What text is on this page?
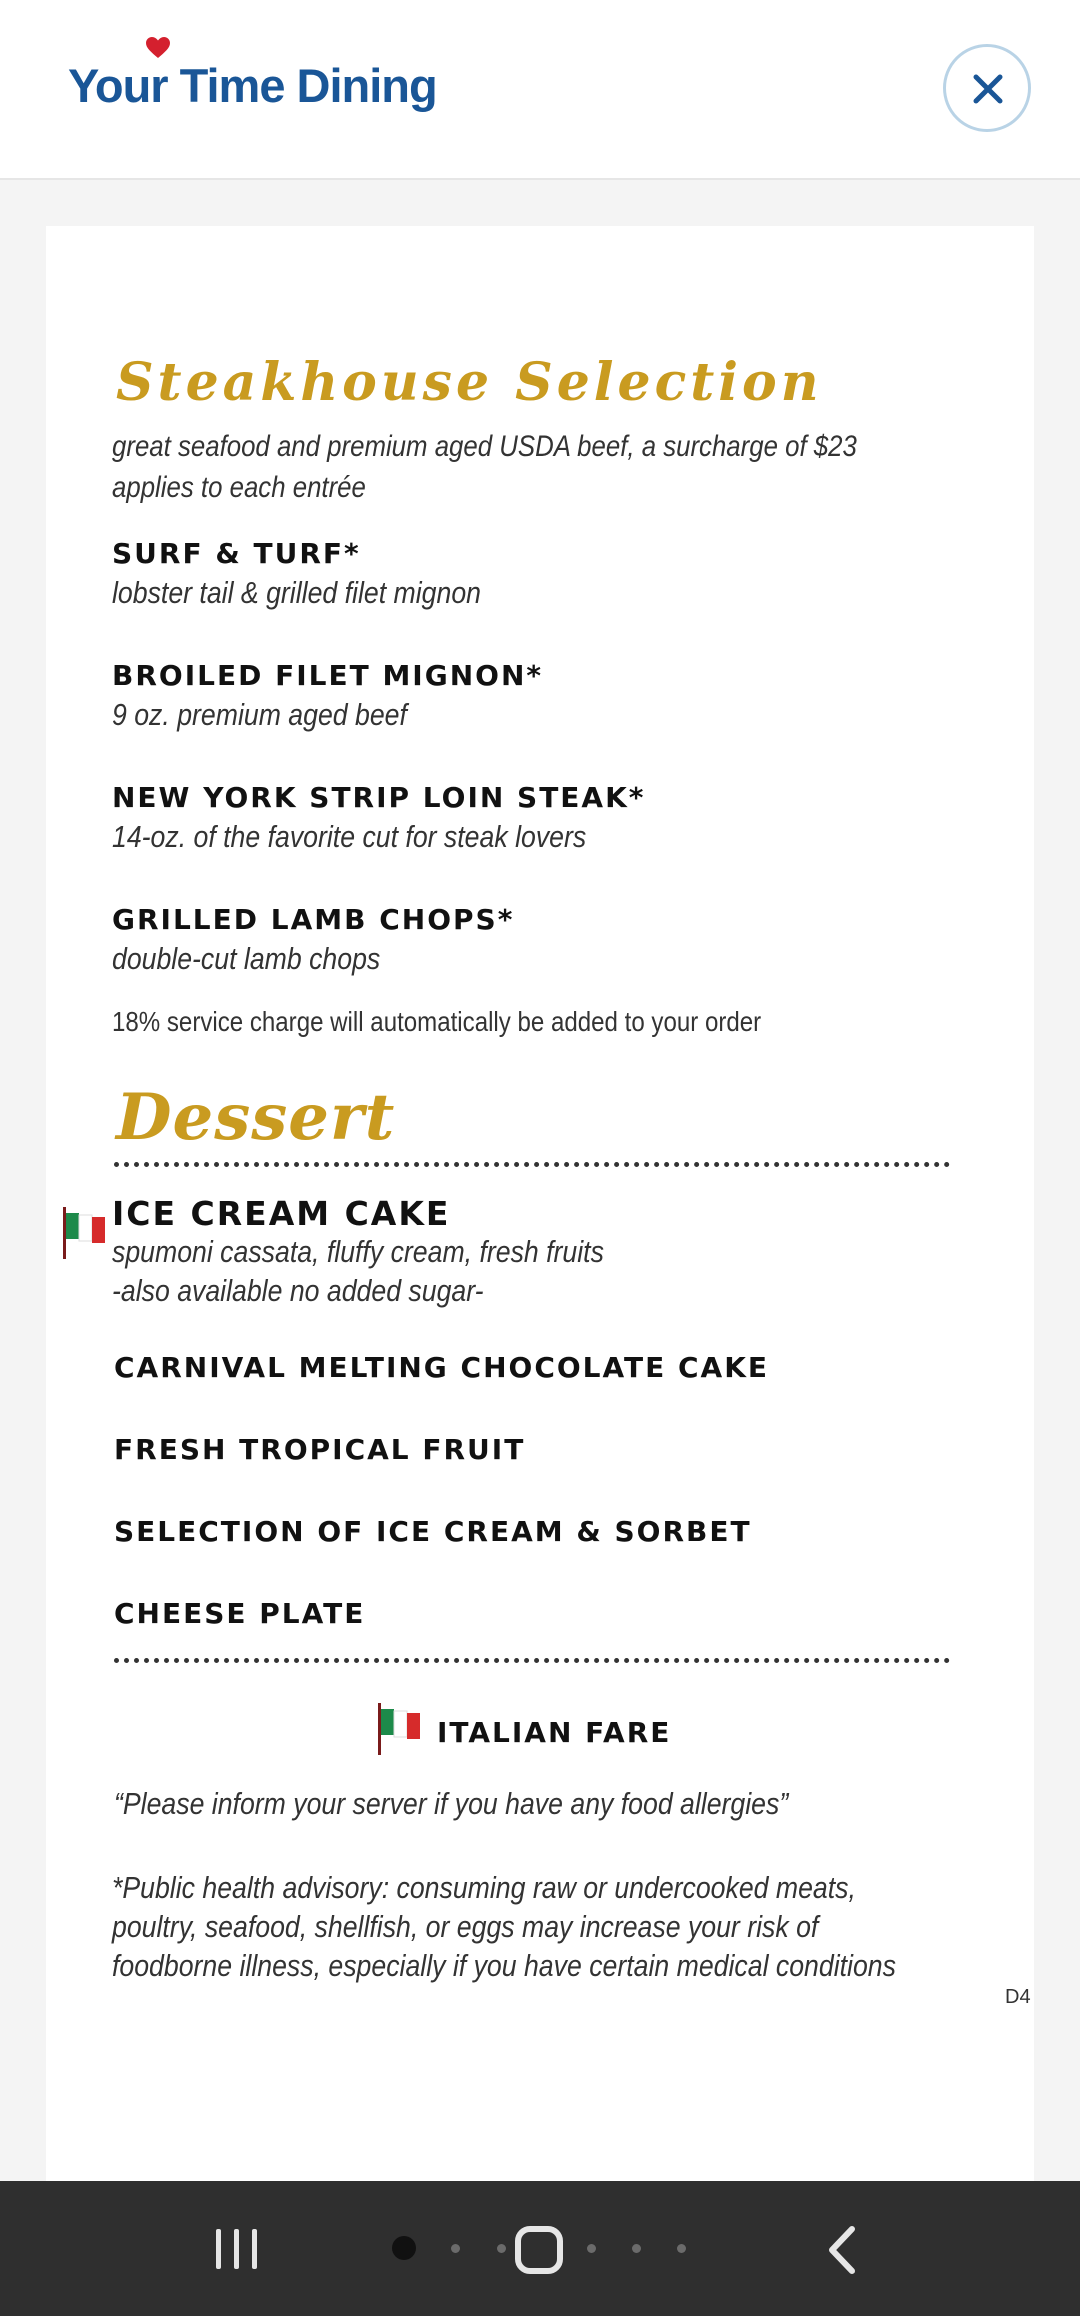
Your Time Dining
Steakhouse Selection
great seafood and premium aged USDA beef, a surcharge of $23
applies to each entrée
SURF & TURF*
lobster tail & grilled filet mignon
BROILED FILET MIGNON*
9 oz. premium aged beef
NEW YORK STRIP LOIN STEAK*
14-oz. of the favorite cut for steak lovers
GRILLED LAMB CHOPS*
double-cut lamb chops
18% service charge will automatically be added to your order
Dessert
ICE CREAM CAKE
spumoni cassata, fluffy cream, fresh fruits
-also available no added sugar-
CARNIVAL MELTING CHOCOLATE CAKE
FRESH TROPICAL FRUIT
SELECTION OF ICE CREAM & SORBET
CHEESE PLATE
ITALIAN FARE
“Please inform your server if you have any food allergies”
*Public health advisory: consuming raw or undercooked meats,
poultry, seafood, shellfish, or eggs may increase your risk of
foodborne illness, especially if you have certain medical conditions
D4
